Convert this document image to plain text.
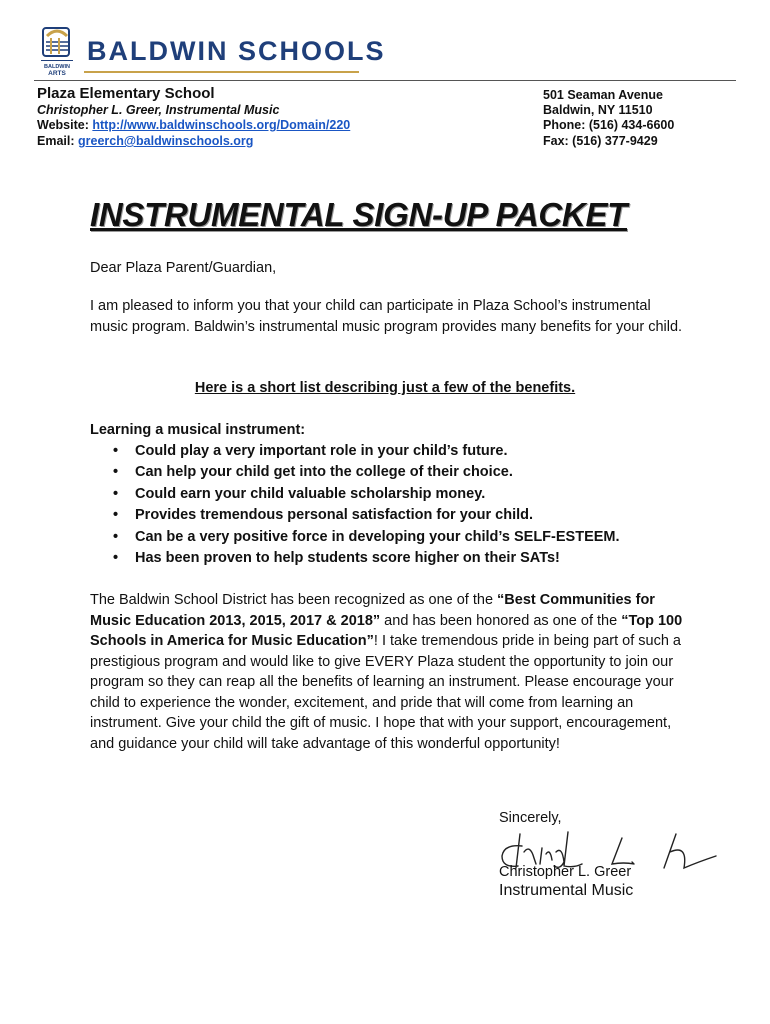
BALDWIN
ARTS
BALDWIN SCHOOLS
Plaza Elementary School
Christopher L. Greer, Instrumental Music
Website: http://www.baldwinschools.org/Domain/220
Email: greerch@baldwinschools.org
501 Seaman Avenue
Baldwin, NY 11510
Phone: (516) 434-6600
Fax: (516) 377-9429
INSTRUMENTAL SIGN-UP PACKET
Dear Plaza Parent/Guardian,
I am pleased to inform you that your child can participate in Plaza School’s instrumental music program. Baldwin’s instrumental music program provides many benefits for your child.
Here is a short list describing just a few of the benefits.
Learning a musical instrument:
• Could play a very important role in your child’s future.
• Can help your child get into the college of their choice.
• Could earn your child valuable scholarship money.
• Provides tremendous personal satisfaction for your child.
• Can be a very positive force in developing your child’s SELF-ESTEEM.
• Has been proven to help students score higher on their SATs!
The Baldwin School District has been recognized as one of the “Best Communities for Music Education 2013, 2015, 2017 & 2018” and has been honored as one of the “Top 100 Schools in America for Music Education”! I take tremendous pride in being part of such a prestigious program and would like to give EVERY Plaza student the opportunity to join our program so they can reap all the benefits of learning an instrument. Please encourage your child to experience the wonder, excitement, and pride that will come from learning an instrument. Give your child the gift of music. I hope that with your support, encouragement, and guidance your child will take advantage of this wonderful opportunity!
Sincerely,
Christopher L. Greer
Instrumental Music
